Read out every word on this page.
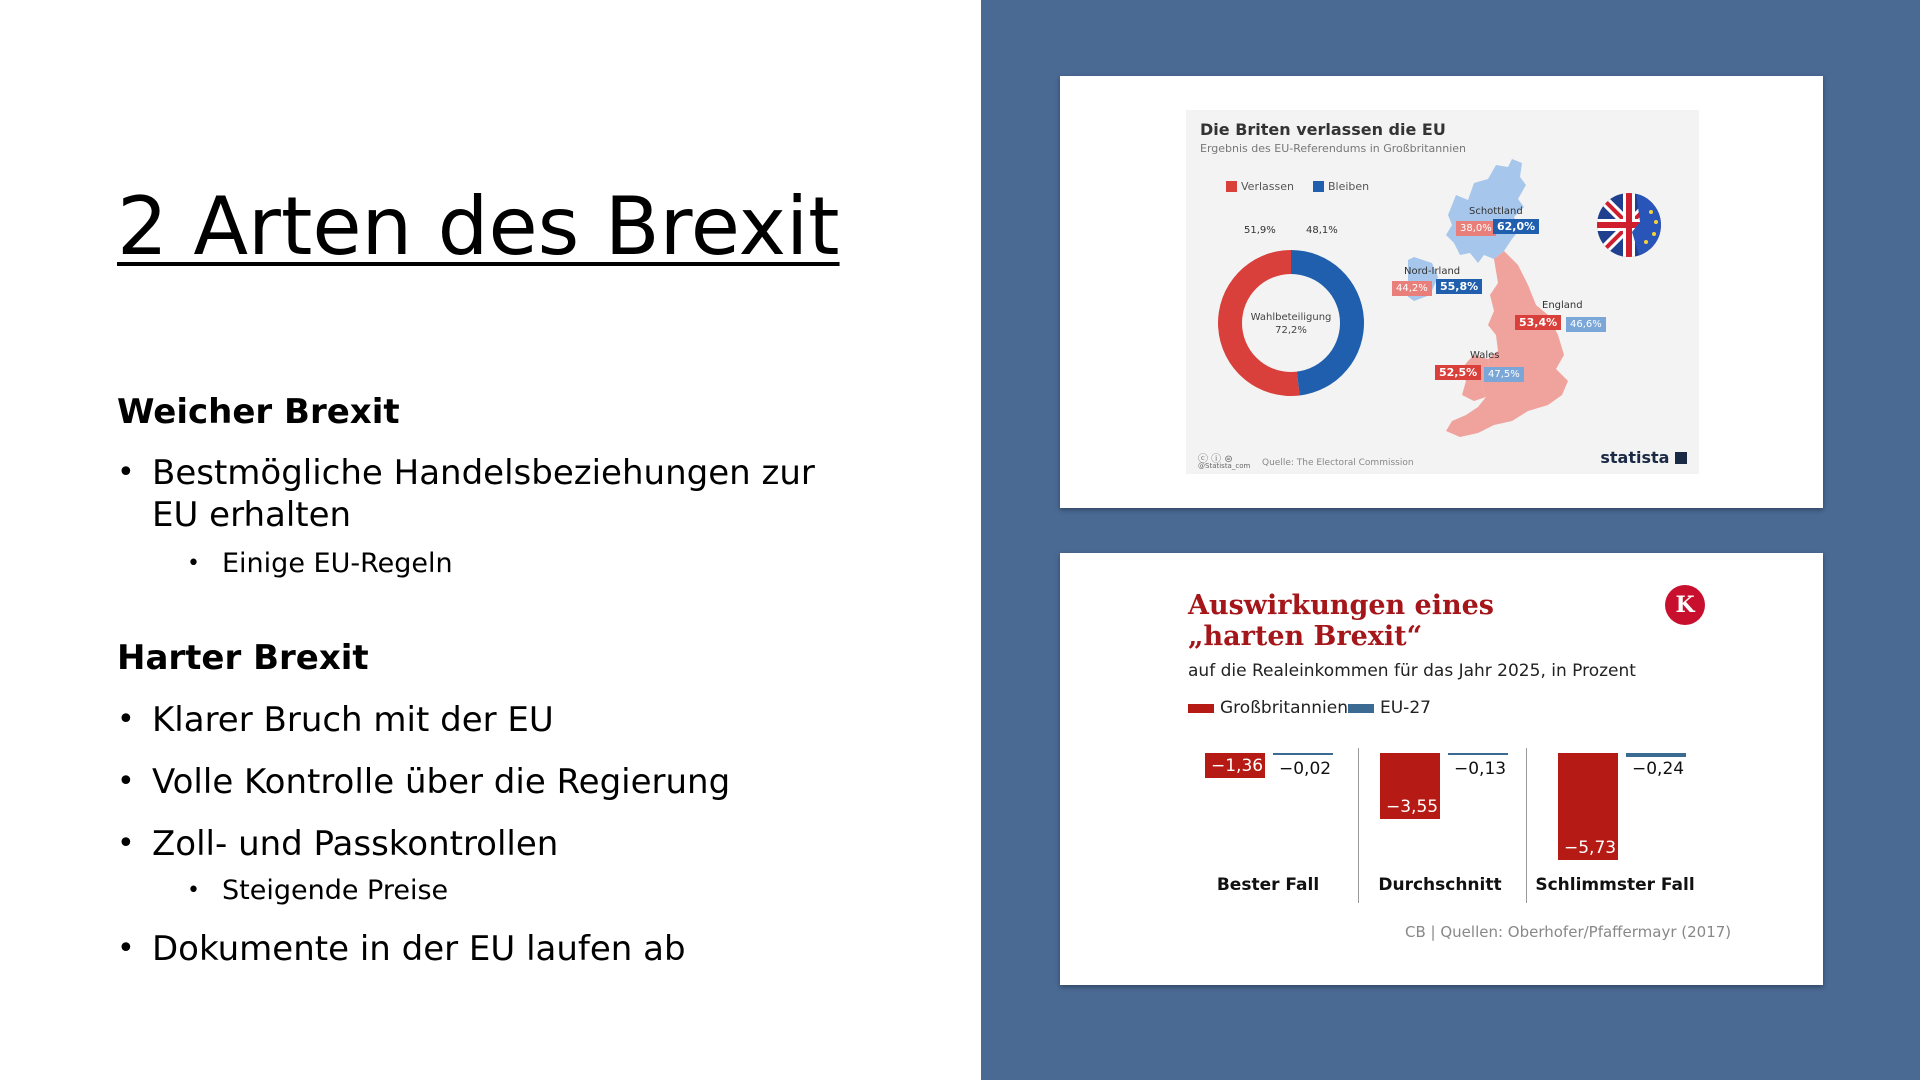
2 Arten des Brexit
Weicher Brexit
• Bestmögliche Handelsbeziehungen zur EU erhalten
• Einige EU-Regeln
Harter Brexit
• Klarer Bruch mit der EU
• Volle Kontrolle über die Regierung
• Zoll- und Passkontrollen
• Steigende Preise
• Dokumente in der EU laufen ab
Die Briten verlassen die EU
Ergebnis des EU-Referendums in Großbritannien
Verlassen	Bleiben
51,9%	48,1%
Wahlbeteiligung
72,2%
Schottland
38,0% 62,0%
Nord-Irland
44,2%	55,8%
England
53,4%	46,6%
Wales
52,5%	47,5%
ⓒ ⓘ ⊜
@Statista_com Quelle: The Electoral Commission	statista
Auswirkungen eines
„harten Brexit“
K
auf die Realeinkommen für das Jahr 2025, in Prozent
Großbritannien EU-27
−1,36 −0,02
−3,55
−0,13
−5,73
−0,24
Bester Fall	Durchschnitt	Schlimmster Fall
CB | Quellen: Oberhofer/Pfaffermayr (2017)
